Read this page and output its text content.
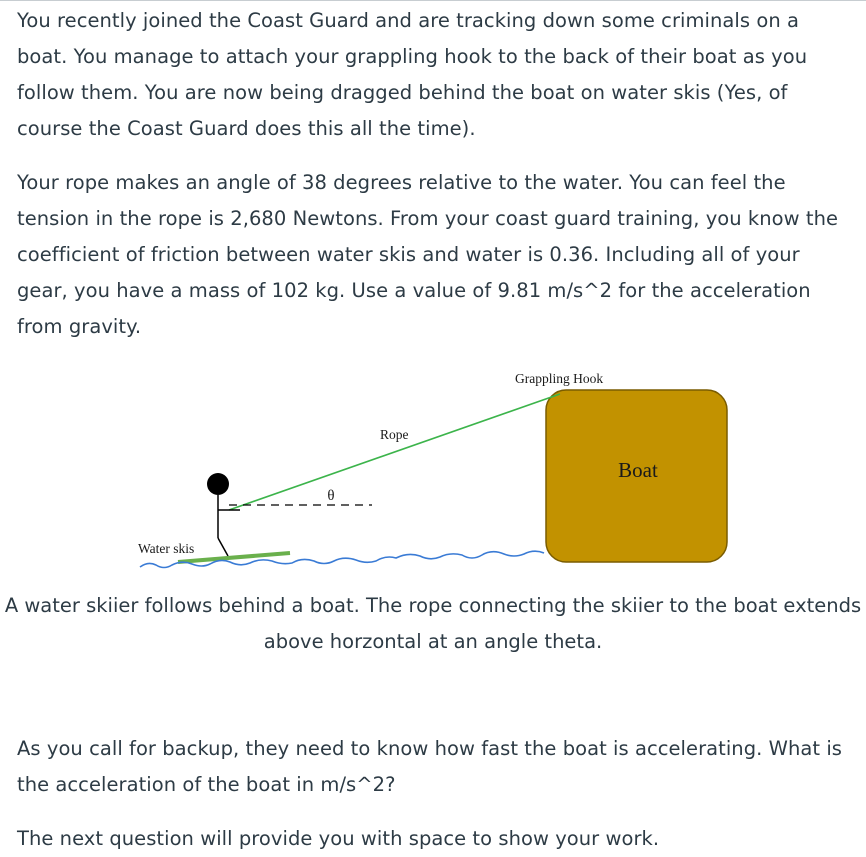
You recently joined the Coast Guard and are tracking down some criminals on a boat. You manage to attach your grappling hook to the back of their boat as you follow them. You are now being dragged behind the boat on water skis (Yes, of course the Coast Guard does this all the time).

Your rope makes an angle of 38 degrees relative to the water. You can feel the tension in the rope is 2,680 Newtons. From your coast guard training, you know the coefficient of friction between water skis and water is 0.36. Including all of your gear, you have a mass of 102 kg. Use a value of 9.81 m/s^2 for the acceleration from gravity.

Boat
Rope
Grappling Hook
θ
Water skis

A water skiier follows behind a boat. The rope connecting the skiier to the boat extends above horzontal at an angle theta.

As you call for backup, they need to know how fast the boat is accelerating. What is the acceleration of the boat in m/s^2?

The next question will provide you with space to show your work.
